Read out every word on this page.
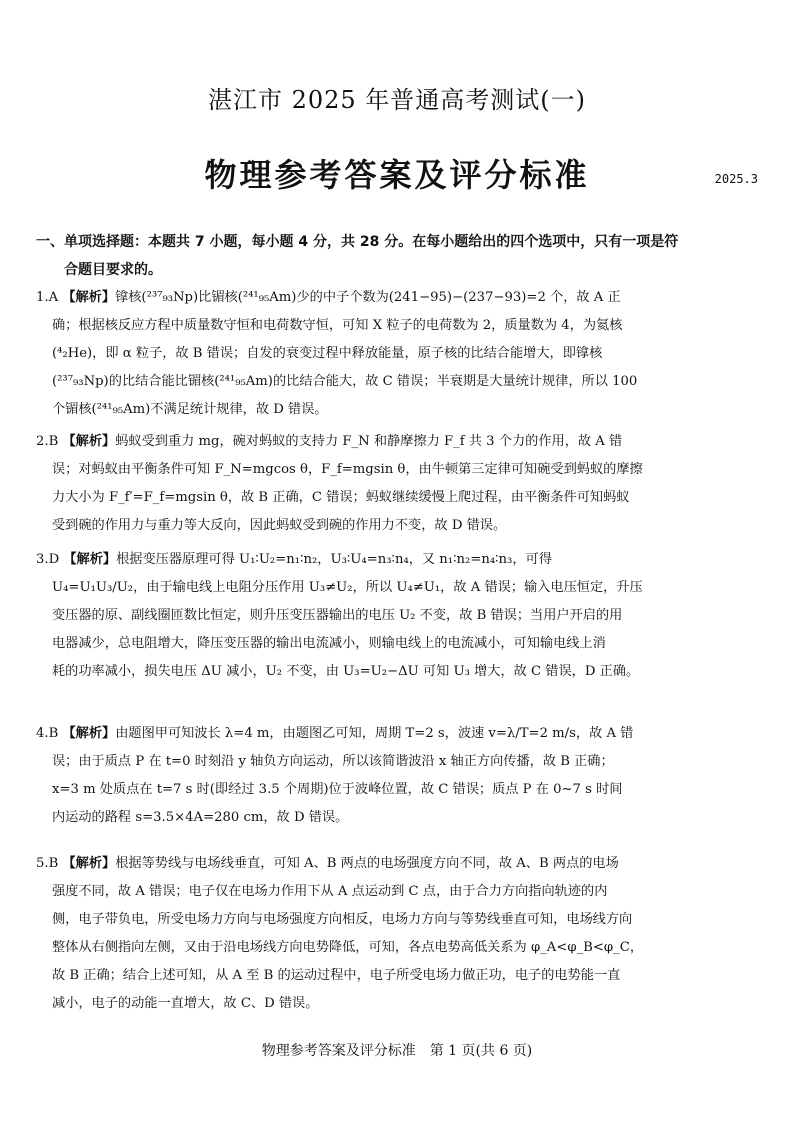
湛江市 2025 年普通高考测试(一)
物理参考答案及评分标准	2025.3
一、单项选择题：本题共 7 小题，每小题 4 分，共 28 分。在每小题给出的四个选项中，只有一项是符
合题目要求的。

1.A 【解析】镎核(²³⁷₉₃Np)比镅核(²⁴¹₉₅Am)少的中子个数为(241−95)−(237−93)=2 个，故 A 正

确；根据核反应方程中质量数守恒和电荷数守恒，可知 X 粒子的电荷数为 2，质量数为 4，为氦核
(⁴₂He)，即 α 粒子，故 B 错误；自发的衰变过程中释放能量，原子核的比结合能增大，即镎核
(²³⁷₉₃Np)的比结合能比镅核(²⁴¹₉₅Am)的比结合能大，故 C 错误；半衰期是大量统计规律，所以 100
个镅核(²⁴¹₉₅Am)不满足统计规律，故 D 错误。

2.B 【解析】蚂蚁受到重力 mg，碗对蚂蚁的支持力 F_N 和静摩擦力 F_f 共 3 个力的作用，故 A 错

误；对蚂蚁由平衡条件可知 F_N=mgcos θ，F_f=mgsin θ，由牛顿第三定律可知碗受到蚂蚁的摩擦
力大小为 F_f′=F_f=mgsin θ，故 B 正确，C 错误；蚂蚁继续缓慢上爬过程，由平衡条件可知蚂蚁
受到碗的作用力与重力等大反向，因此蚂蚁受到碗的作用力不变，故 D 错误。

3.D 【解析】根据变压器原理可得 U₁∶U₂=n₁∶n₂，U₃∶U₄=n₃∶n₄，又 n₁∶n₂=n₄∶n₃，可得

U₄=U₁U₃/U₂，由于输电线上电阻分压作用 U₃≠U₂，所以 U₄≠U₁，故 A 错误；输入电压恒定，升压
变压器的原、副线圈匝数比恒定，则升压变压器输出的电压 U₂ 不变，故 B 错误；当用户开启的用
电器减少，总电阻增大，降压变压器的输出电流减小，则输电线上的电流减小，可知输电线上消
耗的功率减小，损失电压 ΔU 减小，U₂ 不变，由 U₃=U₂−ΔU 可知 U₃ 增大，故 C 错误，D 正确。

4.B 【解析】由题图甲可知波长 λ=4 m，由题图乙可知，周期 T=2 s，波速 v=λ/T=2 m/s，故 A 错

误；由于质点 P 在 t=0 时刻沿 y 轴负方向运动，所以该简谐波沿 x 轴正方向传播，故 B 正确；
x=3 m 处质点在 t=7 s 时(即经过 3.5 个周期)位于波峰位置，故 C 错误；质点 P 在 0~7 s 时间
内运动的路程 s=3.5×4A=280 cm，故 D 错误。

5.B 【解析】根据等势线与电场线垂直，可知 A、B 两点的电场强度方向不同，故 A、B 两点的电场

强度不同，故 A 错误；电子仅在电场力作用下从 A 点运动到 C 点，由于合力方向指向轨迹的内
侧，电子带负电，所受电场力方向与电场强度方向相反，电场力方向与等势线垂直可知，电场线方向
整体从右侧指向左侧，又由于沿电场线方向电势降低，可知，各点电势高低关系为 φ_A<φ_B<φ_C，
故 B 正确；结合上述可知，从 A 至 B 的运动过程中，电子所受电场力做正功，电子的电势能一直
减小，电子的动能一直增大，故 C、D 错误。
物理参考答案及评分标准　第 1 页(共 6 页)
